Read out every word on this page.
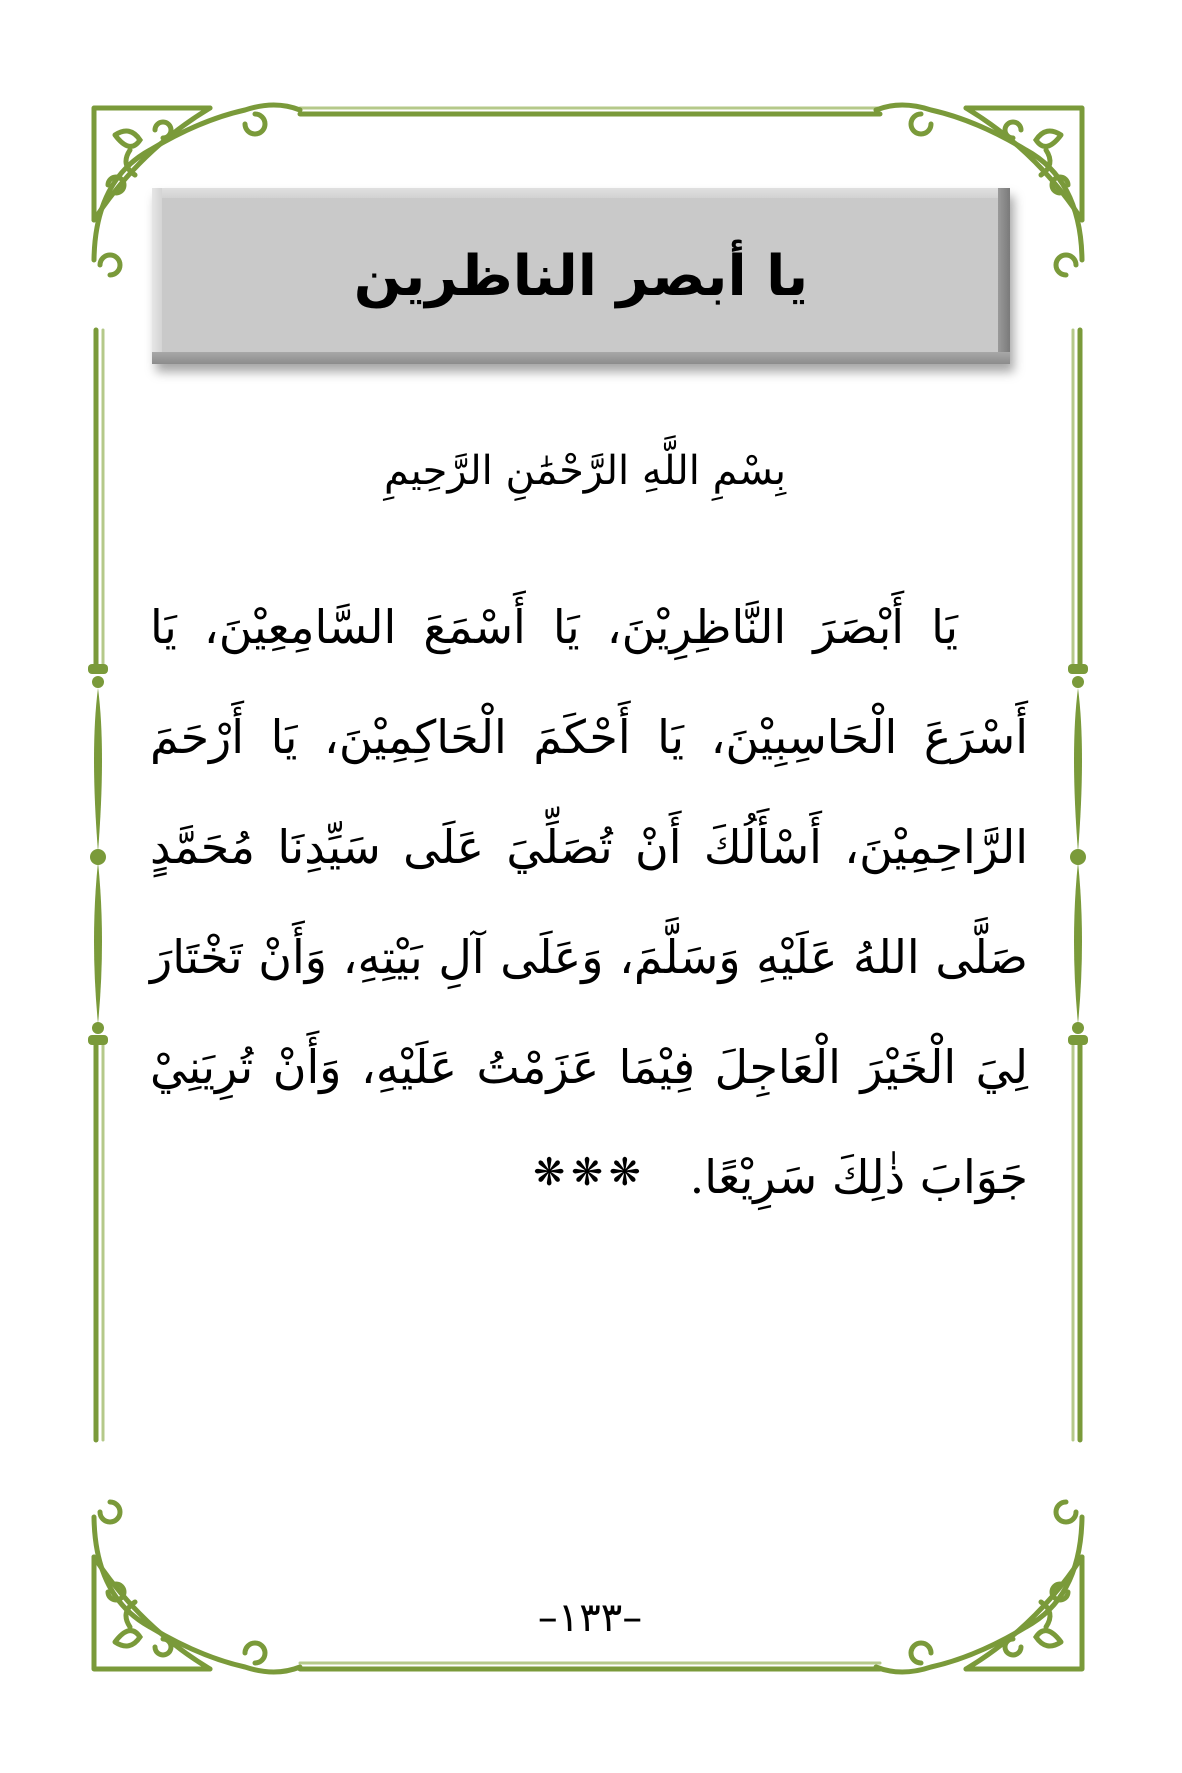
يا أبصر الناظرين
بِسْمِ اللَّهِ الرَّحْمَٰنِ الرَّحِيمِ

يَا أَبْصَرَ النَّاظِرِيْنَ، يَا أَسْمَعَ السَّامِعِيْنَ، يَا أَسْرَعَ الْحَاسِبِيْنَ، يَا أَحْكَمَ الْحَاكِمِيْنَ، يَا أَرْحَمَ الرَّاحِمِيْنَ، أَسْأَلُكَ أَنْ تُصَلِّيَ عَلَى سَيِّدِنَا مُحَمَّدٍ صَلَّى اللهُ عَلَيْهِ وَسَلَّمَ، وَعَلَى آلِ بَيْتِهِ، وَأَنْ تَخْتَارَ لِيَ الْخَيْرَ الْعَاجِلَ فِيْمَا عَزَمْتُ عَلَيْهِ، وَأَنْ تُرِيَنِيْ جَوَابَ ذٰلِكَ سَرِيْعًا.

❋❋❋
–١٣٣–
